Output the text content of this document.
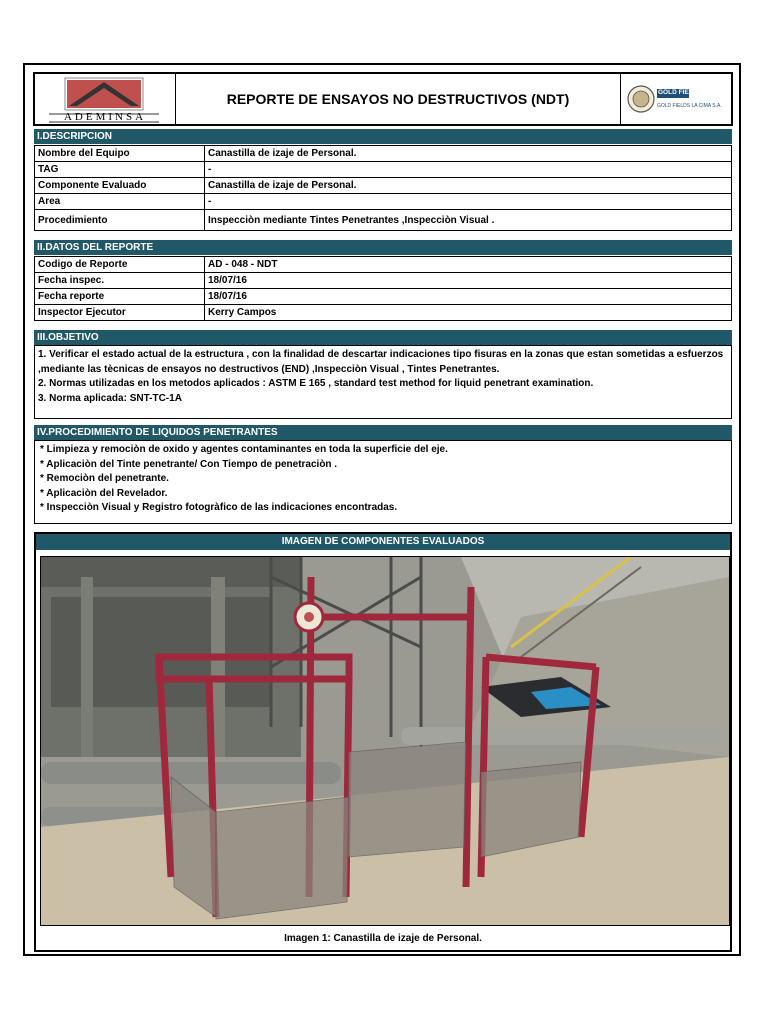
ADEMINSA
REPORTE DE ENSAYOS NO DESTRUCTIVOS (NDT)	GOLD FIELDS
GOLD FIELDS LA CIMA S.A.
I.DESCRIPCION
Nombre del Equipo	Canastilla de izaje de Personal.
TAG	-
Componente Evaluado	Canastilla de izaje de Personal.
Area	-
Procedimiento	Inspecciòn mediante Tintes Penetrantes ,Inspecciòn Visual .
II.DATOS DEL REPORTE
Codigo de Reporte	AD - 048 - NDT
Fecha inspec.	18/07/16
Fecha reporte	18/07/16
Inspector Ejecutor	Kerry Campos
III.OBJETIVO
1. Verificar el estado actual de la estructura , con la finalidad de descartar indicaciones tipo fisuras en la zonas que estan sometidas a esfuerzos
,mediante las tècnicas de ensayos no destructivos (END) ,Inspecciòn Visual , Tintes Penetrantes.
2. Normas utilizadas en los metodos aplicados : ASTM E 165 , standard test method for liquid penetrant examination.
3. Norma aplicada: SNT-TC-1A
IV.PROCEDIMIENTO DE LIQUIDOS PENETRANTES
* Limpieza y remociòn de oxido y agentes contaminantes en toda la superficie del eje.
* Aplicaciòn del Tinte penetrante/ Con Tiempo de penetraciòn .
* Remociòn del penetrante.
* Aplicaciòn del Revelador.
* Inspecciòn Visual y Registro fotogràfico de las indicaciones encontradas.
IMAGEN DE COMPONENTES EVALUADOS
Imagen 1: Canastilla de izaje de Personal.
